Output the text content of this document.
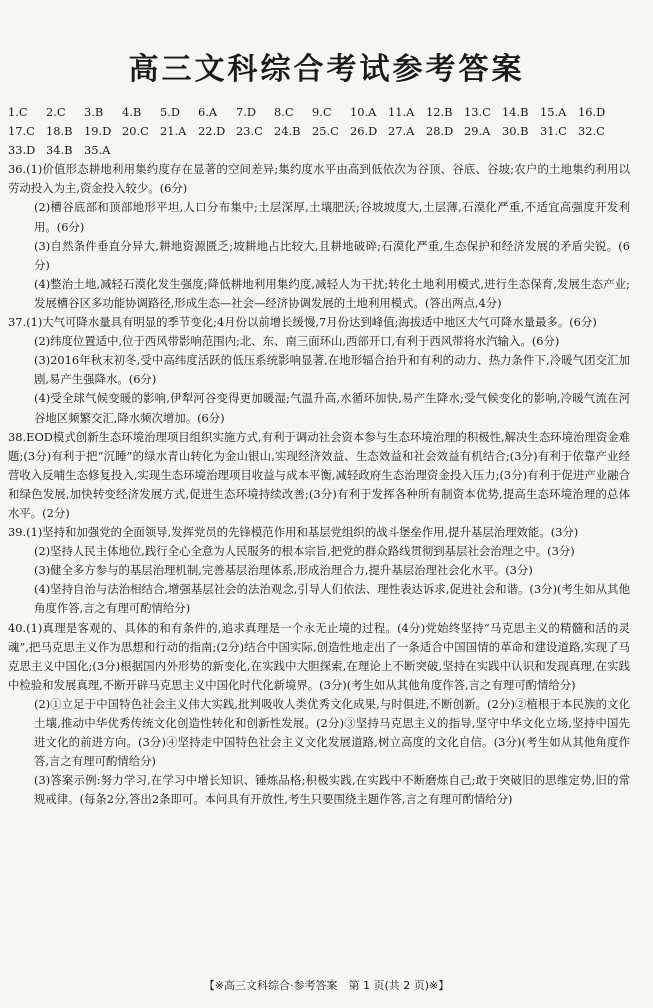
高三文科综合考试参考答案

1.C 2.C 3.B 4.B 5.D 6.A 7.D 8.C 9.C 10.A 11.A 12.B 13.C 14.B 15.A 16.D17.C 18.B 19.D 20.C 21.A 22.D 23.C 24.B 25.C 26.D 27.A 28.D 29.A 30.B 31.C 32.C33.D 34.B 35.A

36.(1)价值形态耕地利用集约度存在显著的空间差异;集约度水平由高到低依次为谷顶、谷底、谷坡;农户的土地集约利用以劳动投入为主,资金投入较少。(6分)

(2)槽谷底部和顶部地形平坦,人口分布集中;土层深厚,土壤肥沃;谷坡坡度大,土层薄,石漠化严重,不适宜高强度开发利用。(6分)

(3)自然条件垂直分异大,耕地资源匮乏;坡耕地占比较大,且耕地破碎;石漠化严重,生态保护和经济发展的矛盾尖锐。(6分)

(4)整治土地,减轻石漠化发生强度;降低耕地利用集约度,减轻人为干扰;转化土地利用模式,进行生态保育,发展生态产业;发展槽谷区多功能协调路径,形成生态—社会—经济协调发展的土地利用模式。(答出两点,4分)

37.(1)大气可降水量具有明显的季节变化;4月份以前增长缓慢,7月份达到峰值;海拔适中地区大气可降水量最多。(6分)

(2)纬度位置适中,位于西风带影响范围内;北、东、南三面环山,西部开口,有利于西风带将水汽输入。(6分)

(3)2016年秋末初冬,受中高纬度活跃的低压系统影响显著,在地形辐合抬升和有利的动力、热力条件下,冷暖气团交汇加剧,易产生强降水。(6分)

(4)受全球气候变暖的影响,伊犁河谷变得更加暖湿;气温升高,水循环加快,易产生降水;受气候变化的影响,冷暖气流在河谷地区频繁交汇,降水频次增加。(6分)

38.EOD模式创新生态环境治理项目组织实施方式,有利于调动社会资本参与生态环境治理的积极性,解决生态环境治理资金难题;(3分)有利于把“沉睡”的绿水青山转化为金山银山,实现经济效益、生态效益和社会效益有机结合;(3分)有利于依靠产业经营收入反哺生态修复投入,实现生态环境治理项目收益与成本平衡,减轻政府生态治理资金投入压力;(3分)有利于促进产业融合和绿色发展,加快转变经济发展方式,促进生态环境持续改善;(3分)有利于发挥各种所有制资本优势,提高生态环境治理的总体水平。(2分)

39.(1)坚持和加强党的全面领导,发挥党员的先锋模范作用和基层党组织的战斗堡垒作用,提升基层治理效能。(3分)

(2)坚持人民主体地位,践行全心全意为人民服务的根本宗旨,把党的群众路线贯彻到基层社会治理之中。(3分)

(3)健全多方参与的基层治理机制,完善基层治理体系,形成治理合力,提升基层治理社会化水平。(3分)

(4)坚持自治与法治相结合,增强基层社会的法治观念,引导人们依法、理性表达诉求,促进社会和谐。(3分)(考生如从其他角度作答,言之有理可酌情给分)

40.(1)真理是客观的、具体的和有条件的,追求真理是一个永无止境的过程。(4分)党始终坚持“马克思主义的精髓和活的灵魂”,把马克思主义作为思想和行动的指南;(2分)结合中国实际,创造性地走出了一条适合中国国情的革命和建设道路,实现了马克思主义中国化;(3分)根据国内外形势的新变化,在实践中大胆探索,在理论上不断突破,坚持在实践中认识和发现真理,在实践中检验和发展真理,不断开辟马克思主义中国化时代化新境界。(3分)(考生如从其他角度作答,言之有理可酌情给分)

(2)①立足于中国特色社会主义伟大实践,批判吸收人类优秀文化成果,与时俱进,不断创新。(2分)②植根于本民族的文化土壤,推动中华优秀传统文化创造性转化和创新性发展。(2分)③坚持马克思主义的指导,坚守中华文化立场,坚持中国先进文化的前进方向。(3分)④坚持走中国特色社会主义文化发展道路,树立高度的文化自信。(3分)(考生如从其他角度作答,言之有理可酌情给分)

(3)答案示例:努力学习,在学习中增长知识、锤炼品格;积极实践,在实践中不断磨炼自己;敢于突破旧的思维定势,旧的常规戒律。(每条2分,答出2条即可。本问具有开放性,考生只要围绕主题作答,言之有理可酌情给分)

【※高三文科综合·参考答案　第 1 页(共 2 页)※】
